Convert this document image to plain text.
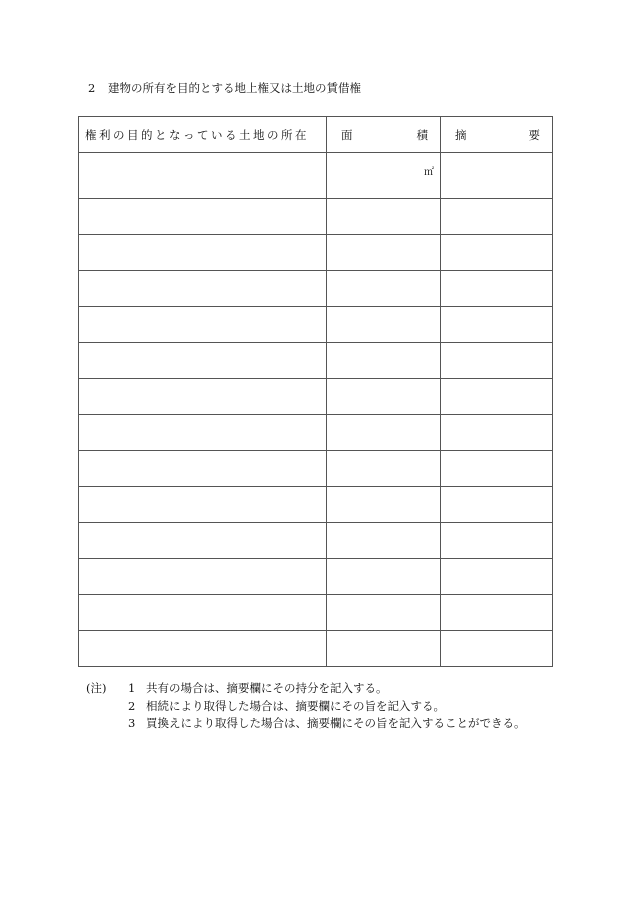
2 建物の所有を目的とする地上権又は土地の賃借権
権利の目的となっている土地の所在	面 積	摘 要

	㎡	

(注)	1 共有の場合は、摘要欄にその持分を記入する。
2 相続により取得した場合は、摘要欄にその旨を記入する。
3 買換えにより取得した場合は、摘要欄にその旨を記入することができる。
